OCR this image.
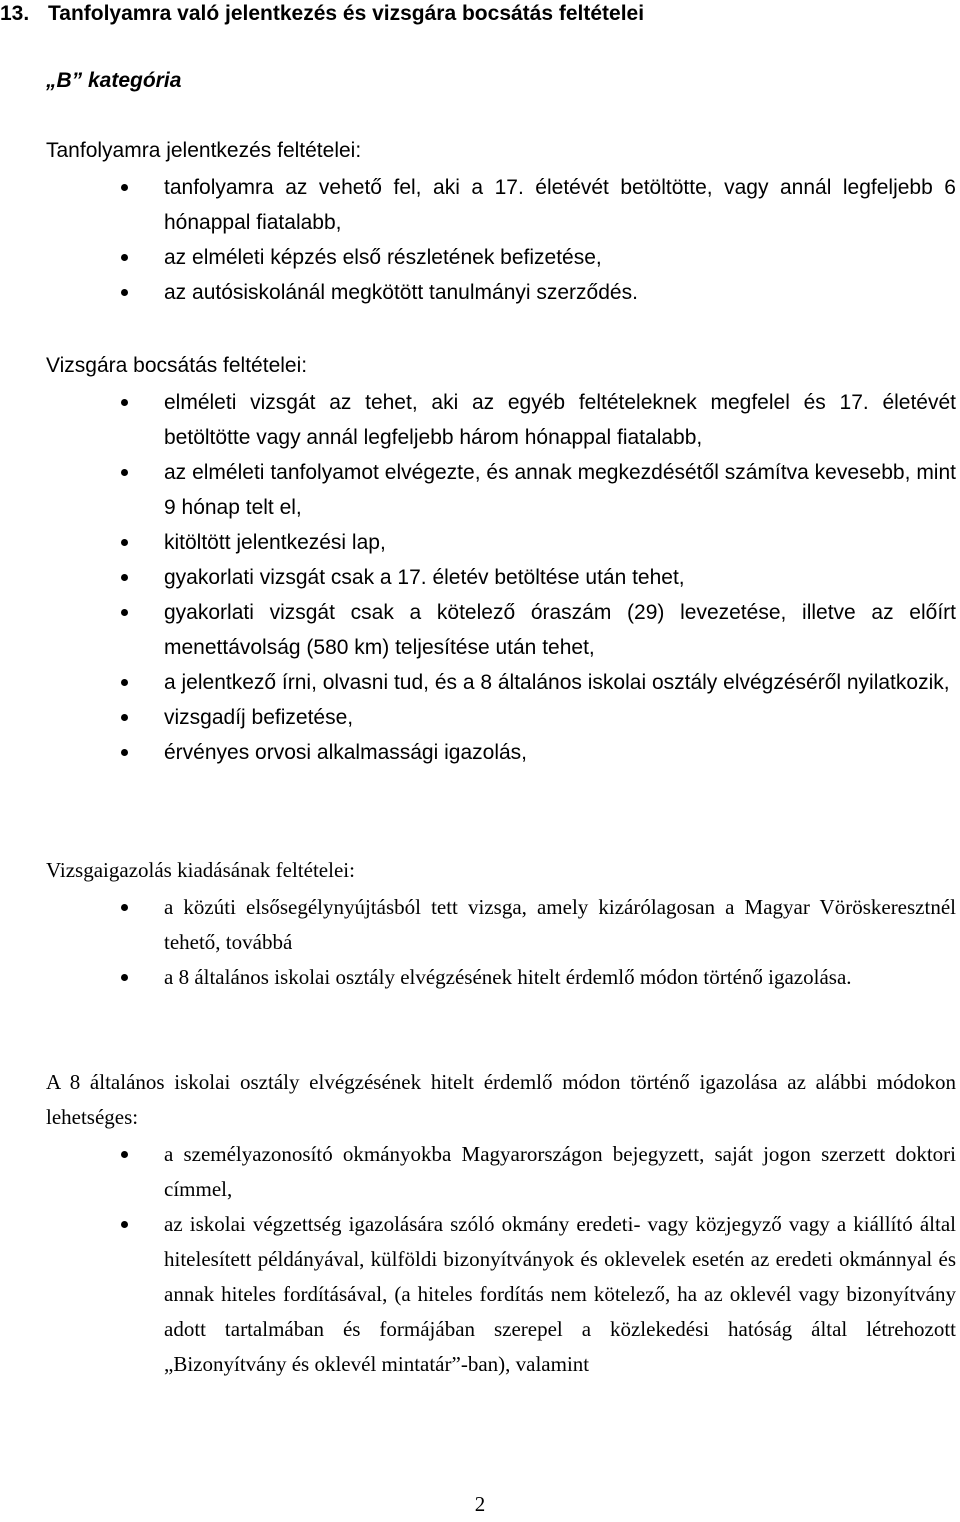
13. Tanfolyamra való jelentkezés és vizsgára bocsátás feltételei
„B” kategória
Tanfolyamra jelentkezés feltételei:
tanfolyamra az vehető fel, aki a 17. életévét betöltötte, vagy annál legfeljebb 6 hónappal fiatalabb,
az elméleti képzés első részletének befizetése,
az autósiskolánál megkötött tanulmányi szerződés.
Vizsgára bocsátás feltételei:
elméleti vizsgát az tehet, aki az egyéb feltételeknek megfelel és 17. életévét betöltötte vagy annál legfeljebb három hónappal fiatalabb,
az elméleti tanfolyamot elvégezte, és annak megkezdésétől számítva kevesebb, mint 9 hónap telt el,
kitöltött jelentkezési lap,
gyakorlati vizsgát csak a 17. életév betöltése után tehet,
gyakorlati vizsgát csak a kötelező óraszám (29) levezetése, illetve az előírt menettávolság (580 km) teljesítése után tehet,
a jelentkező írni, olvasni tud, és a 8 általános iskolai osztály elvégzéséről nyilatkozik,
vizsgadíj befizetése,
érvényes orvosi alkalmassági igazolás,
Vizsgaigazolás kiadásának feltételei:
a közúti elsősegélynyújtásból tett vizsga, amely kizárólagosan a Magyar Vöröskeresztnél tehető, továbbá
a 8 általános iskolai osztály elvégzésének hitelt érdemlő módon történő igazolása.
A 8 általános iskolai osztály elvégzésének hitelt érdemlő módon történő igazolása az alábbi módokon lehetséges:
a személyazonosító okmányokba Magyarországon bejegyzett, saját jogon szerzett doktori címmel,
az iskolai végzettség igazolására szóló okmány eredeti- vagy közjegyző vagy a kiállító által hitelesített példányával, külföldi bizonyítványok és oklevelek esetén az eredeti okmánnyal és annak hiteles fordításával, (a hiteles fordítás nem kötelező, ha az oklevél vagy bizonyítvány adott tartalmában és formájában szerepel a közlekedési hatóság által létrehozott „Bizonyítvány és oklevél mintatár”-ban), valamint
2
